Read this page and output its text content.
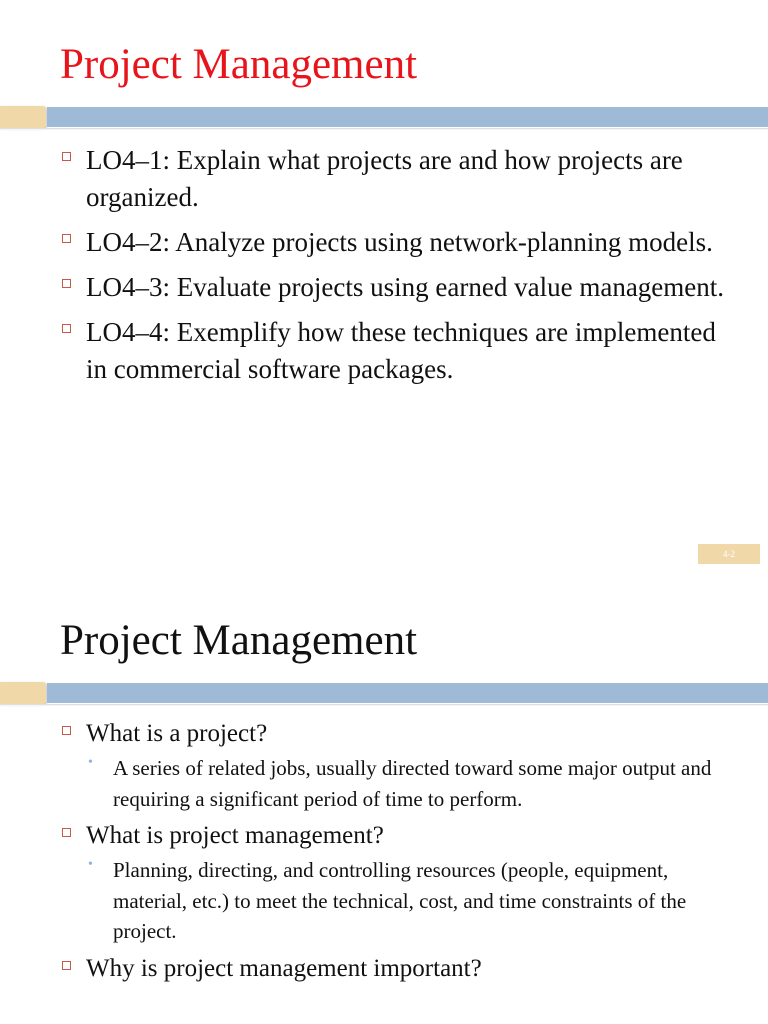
Project Management
LO4–1: Explain what projects are and how projects are organized.
LO4–2: Analyze projects using network-planning models.
LO4–3: Evaluate projects using earned value management.
LO4–4: Exemplify how these techniques are implemented in commercial software packages.
4-2
Project Management
What is a project?
• A series of related jobs, usually directed toward some major output and requiring a significant period of time to perform.
What is project management?
• Planning, directing, and controlling resources (people, equipment, material, etc.) to meet the technical, cost, and time constraints of the project.
Why is project management important?
